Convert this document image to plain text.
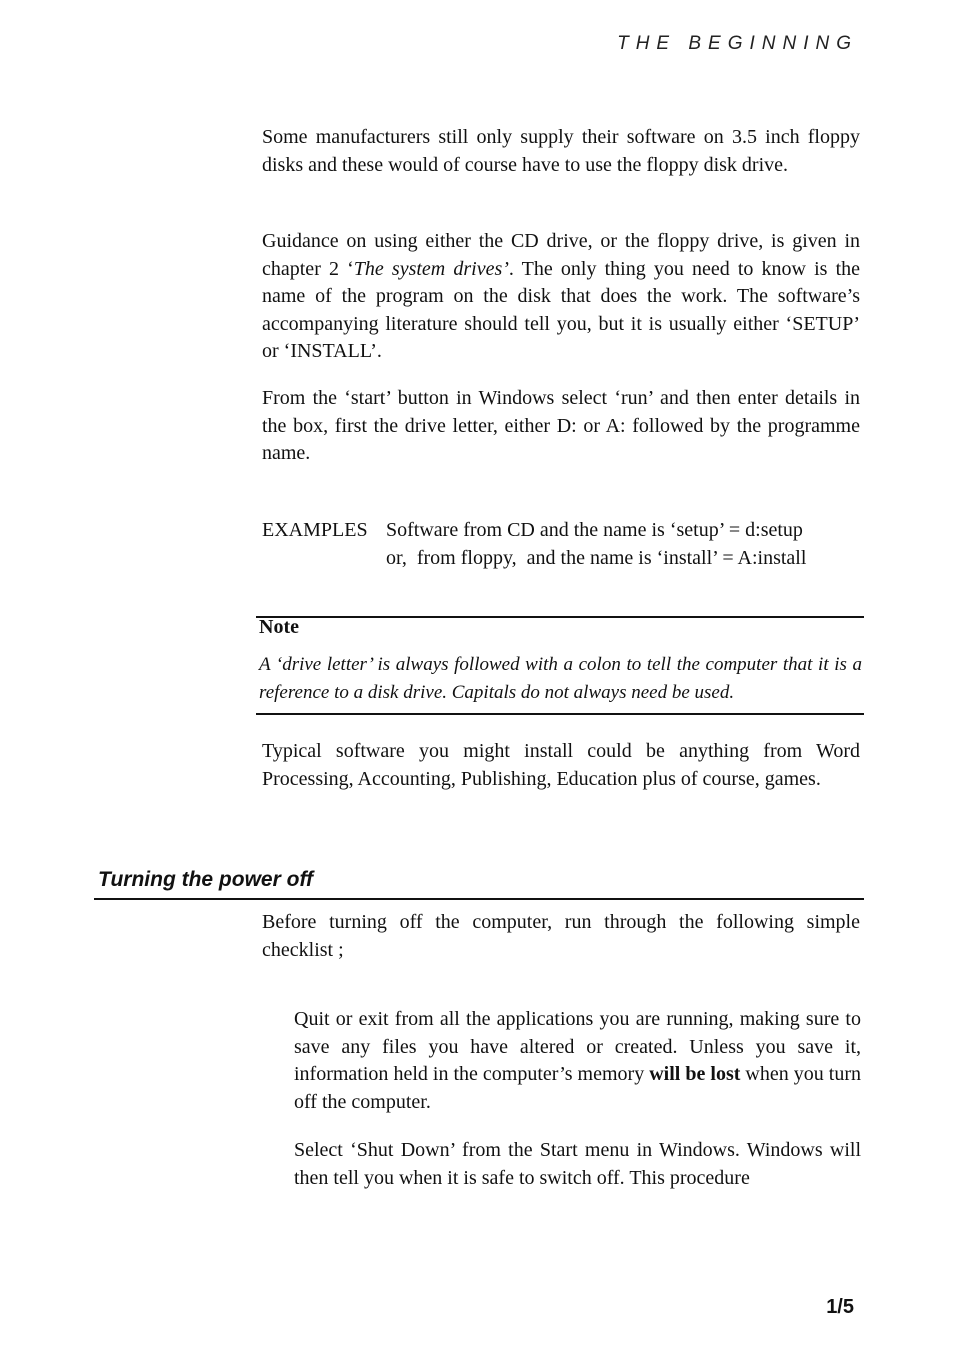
THE BEGINNING

Some manufacturers still only supply their software on 3.5 inch floppy disks and these would of course have to use the floppy disk drive.

Guidance on using either the CD drive, or the floppy drive, is given in chapter 2 ‘The system drives’. The only thing you need to know is the name of the program on the disk that does the work. The software’s accompanying literature should tell you, but it is usually either ‘SETUP’ or ‘INSTALL’.

From the ‘start’ button in Windows select ‘run’ and then enter details in the box, first the drive letter, either D: or A: followed by the programme name.

EXAMPLES Software from CD and the name is ‘setup’ = d:setup
or,  from floppy,  and the name is ‘install’ = A:install
Note

A ‘drive letter’ is always followed with a colon to tell the computer that it is a reference to a disk drive. Capitals do not always need be used.

Typical software you might install could be anything from Word Processing, Accounting, Publishing, Education plus of course, games.

Turning the power off

Before turning off the computer, run through the following simple checklist ;

Quit or exit from all the applications you are running, making sure to save any files you have altered or created. Unless you save it, information held in the computer’s memory will be lost when you turn off the computer.

Select ‘Shut Down’ from the Start menu in Windows. Windows will then tell you when it is safe to switch off. This procedure

1/5
